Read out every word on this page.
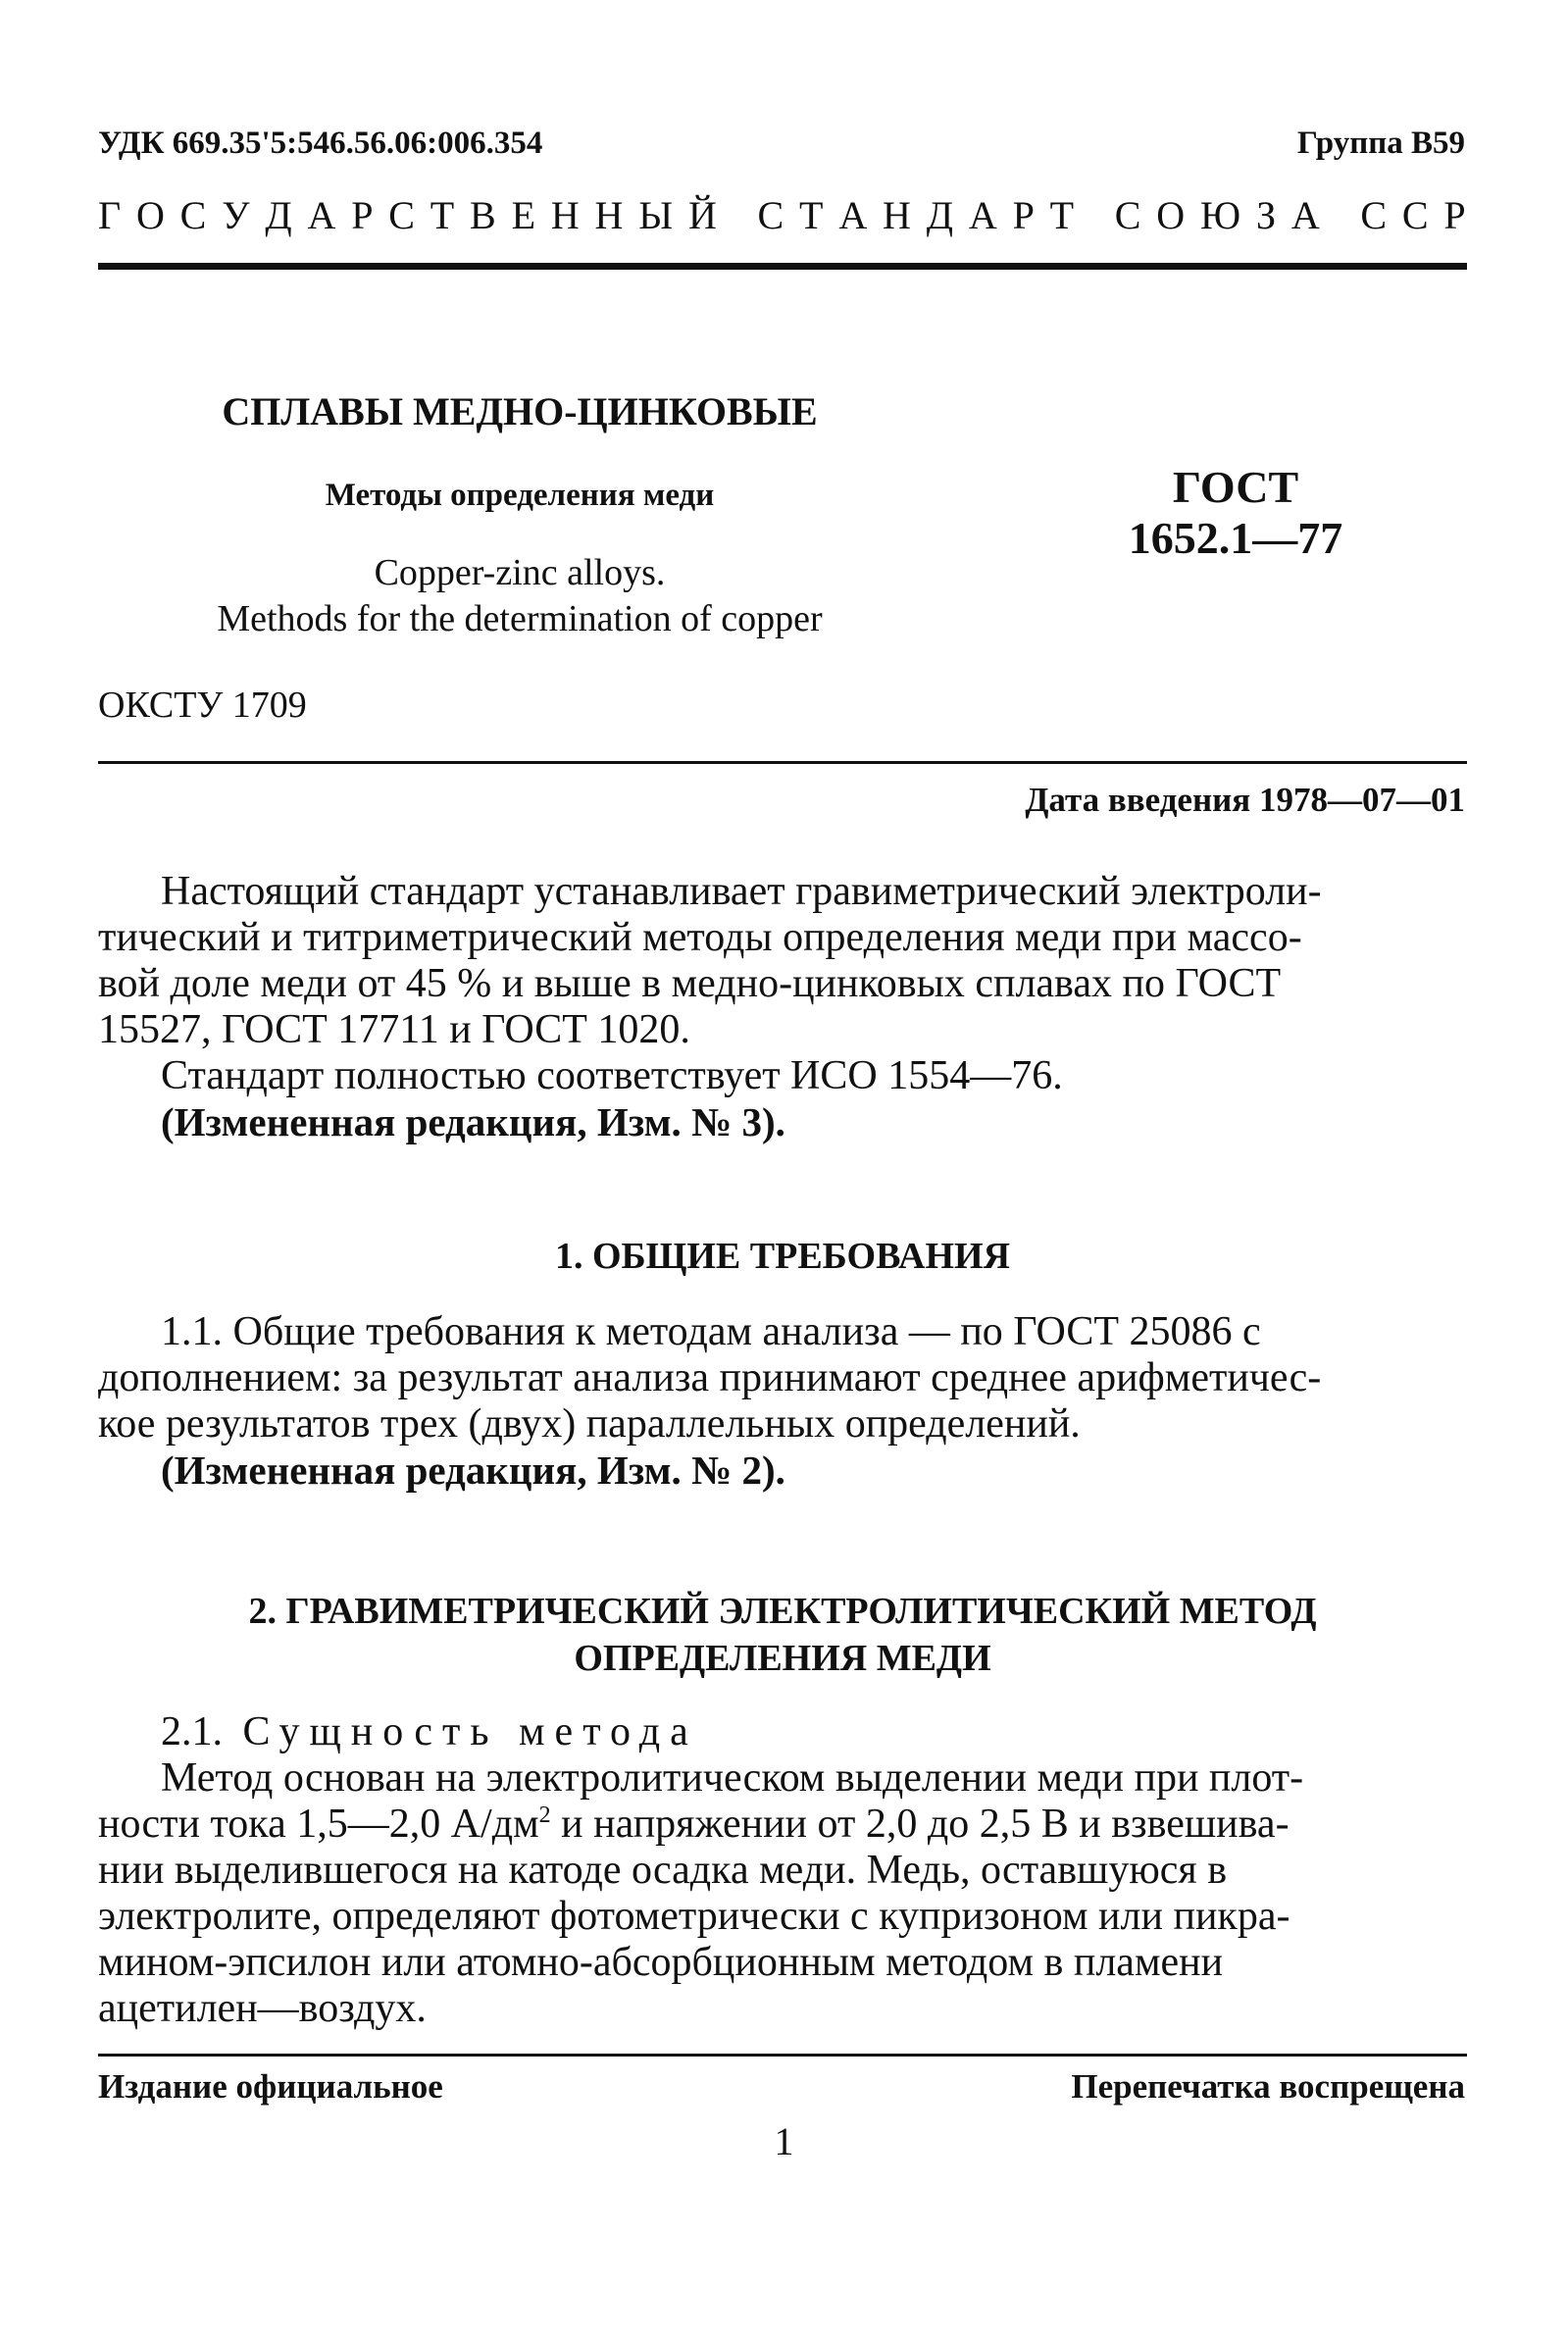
УДК 669.35'5:546.56.06:006.354	Группа В59
Г О С У Д А Р С Т В Е Н Н Ы Й
С Т А Н Д А Р Т
С О Ю З А
С С Р
СПЛАВЫ МЕДНО-ЦИНКОВЫЕ
Методы определения меди
Copper-zinc alloys.
Methods for the determination of copper
ГОСТ
1652.1—77
ОКСТУ 1709
Дата введения 1978—07—01
Настоящий стандарт устанавливает гравиметрический электроли-
тический и титриметрический методы определения меди при массо-
вой доле меди от 45 % и выше в медно-цинковых сплавах по ГОСТ
15527, ГОСТ 17711 и ГОСТ 1020.
Стандарт полностью соответствует ИСО 1554—76.
(Измененная редакция, Изм. № 3).
1. ОБЩИЕ ТРЕБОВАНИЯ
1.1. Общие требования к методам анализа — по ГОСТ 25086 с
дополнением: за результат анализа принимают среднее арифметичес-
кое результатов трех (двух) параллельных определений.
(Измененная редакция, Изм. № 2).
2. ГРАВИМЕТРИЧЕСКИЙ ЭЛЕКТРОЛИТИЧЕСКИЙ МЕТОД
ОПРЕДЕЛЕНИЯ МЕДИ
2.1. Сущность метода
Метод основан на электролитическом выделении меди при плот-
ности тока 1,5—2,0 $А/дм^2$ и напряжении от 2,0 до 2,5 В и взвешива-
нии выделившегося на катоде осадка меди. Медь, оставшуюся в
электролите, определяют фотометрически с купризоном или пикра-
мином-эпсилон или атомно-абсорбционным методом в пламени
ацетилен—воздух.
Издание официальное	Перепечатка воспрещена
1
